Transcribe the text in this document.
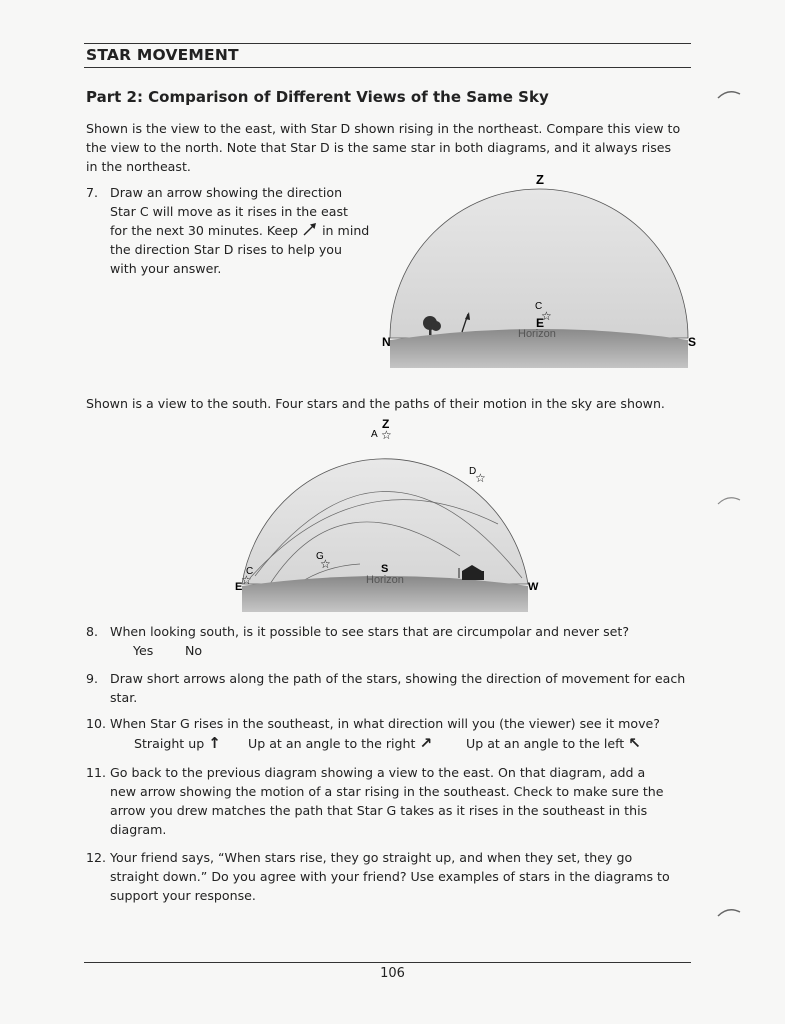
STAR MOVEMENT
Part 2: Comparison of Different Views of the Same Sky
Shown is the view to the east, with Star D shown rising in the northeast. Compare this view to
the view to the north. Note that Star D is the same star in both diagrams, and it always rises
in the northeast.
7. Draw an arrow showing the direction
Star C will move as it rises in the east
for the next 30 minutes. Keep in mind
the direction Star D rises to help you
with your answer.
Z
N	S
E
C
☆
Horizon
Shown is a view to the south. Four stars and the paths of their motion in the sky are shown.
Z
A ☆
D
☆
G
☆
C
☆
E	W
S
Horizon
8. When looking south, is it possible to see stars that are circumpolar and never set?
Yes	No
9. Draw short arrows along the path of the stars, showing the direction of movement for each
star.
10. When Star G rises in the southeast, in what direction will you (the viewer) see it move?
Straight up ↑ Up at an angle to the right ↗	Up at an angle to the left ↖
11. Go back to the previous diagram showing a view to the east. On that diagram, add a
new arrow showing the motion of a star rising in the southeast. Check to make sure the
arrow you drew matches the path that Star G takes as it rises in the southeast in this
diagram.
12. Your friend says, “When stars rise, they go straight up, and when they set, they go
straight down.” Do you agree with your friend? Use examples of stars in the diagrams to
support your response.
106
